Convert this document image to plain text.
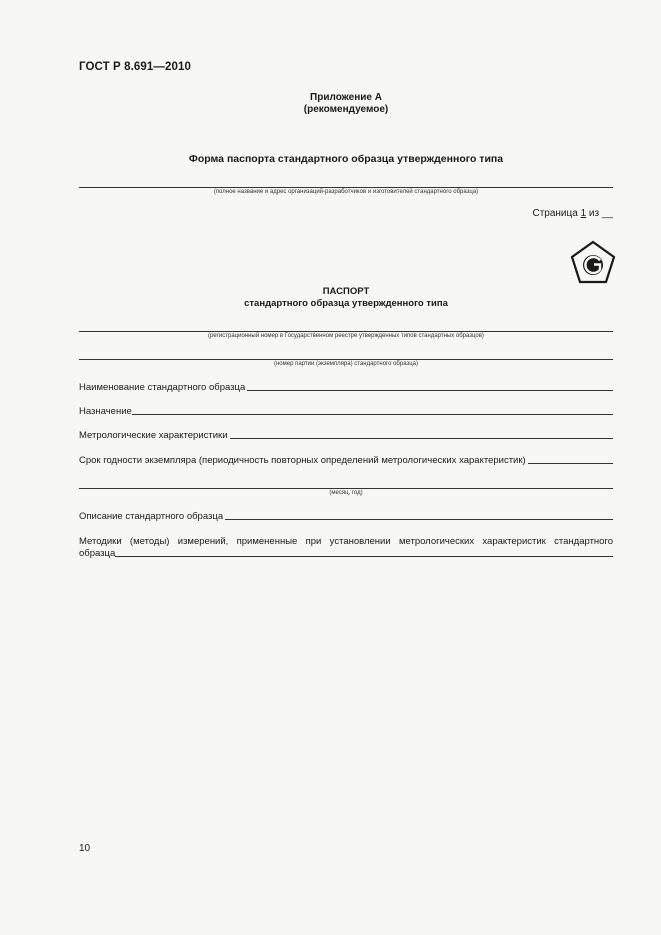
ГОСТ Р 8.691—2010
Приложение А
(рекомендуемое)
Форма паспорта стандартного образца утвержденного типа
(полное название и адрес организаций-разработчиков и изготовителей стандартного образца)
Страница 1 из __
ПАСПОРТ
стандартного образца утвержденного типа
(регистрационный номер в Государственном реестре утвержденных типов стандартных образцов)
(номер партии (экземпляра) стандартного образца)
Наименование стандартного образца
Назначение
Метрологические характеристики
Срок годности экземпляра (периодичность повторных определений метрологических характеристик)
(месяц, год)
Описание стандартного образца
Методики (методы) измерений, примененные при установлении метрологических характеристик стандартного
образца
10
